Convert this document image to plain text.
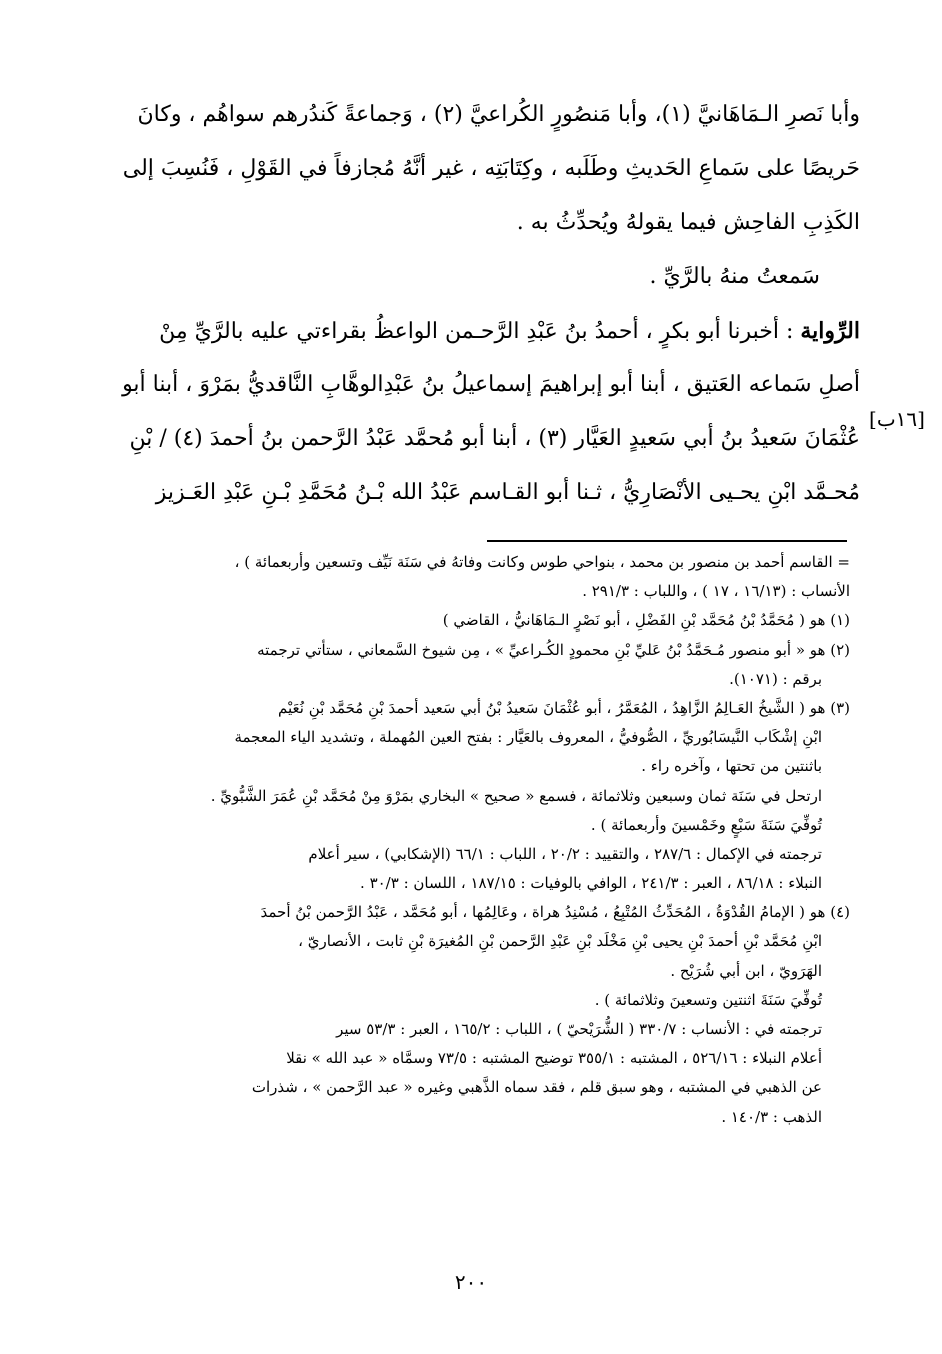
وأبا نَصرِ الـمَاهَانيَّ (١)، وأبا مَنصُورٍ الكُراعيَّ (٢) ، وَجماعةً كَندُرهم سواهُم ، وكانَ
حَريصًا على سَماعِ الحَديثِ وطَلَبه ، وكِتَابَتِه ، غير أنَّهُ مُجازفاً في القَوْلِ ، فَنُسِبَ إلى
الكَذِبِ الفاحِش فيما يقولهُ ويُحدِّثُ به .
سَمعتُ منهُ بالرَّيِّ .
الرِّواية : أخبرنا أبو بكرٍ ، أحمدُ بنُ عَبْدِ الرَّحـمن الواعظُ بقراءتي عليه بالرَّيِّ مِنْ
أصلِ سَماعه العَتيق ، أبنا أبو إبراهيمَ إسماعيلُ بنُ عَبْدِالوهَّابِ النَّاقديُّ بمَرْوَ ، أبنا أبو
عُثْمَانَ سَعيدُ بنُ أبي سَعيدٍ العَيَّار (٣) ، أبنا أبو مُحمَّد عَبْدُ الرَّحمن بنُ أحمدَ (٤) / بْنِ
مُحـمَّد ابْنِ يحـيى الأنْصَارِيُّ ، ثـنا أبو القـاسم عَبْدُ الله بْـنُ مُحَمَّدِ بْـنِ عَبْدِ العَـزيز
[١٦ب]
= القاسم أحمد بن منصور بن محمد ، بنواحي طوس وكانت وفاتهُ في سَنَة نَيِّف وتسعين وأربعمائة ) ،
الأنساب : (١٦/١٣ ، ١٧ ) ، واللباب : ٢٩١/٣ .
(١) هو ( مُحَمَّدُ بْنُ مُحَمَّد بْنِ الفَضْلِ ، أبو نَصْرٍ الـمَاهَانيُّ ، القاضي )
(٢) هو « أبو منصور مُـحَمَّدُ بْنُ عَليِّ بْنِ محمودٍ الكُـراعيِّ » ، مِن شيوخ السَّمعاني ، ستأتي ترجمته
برقم : (١٠٧١).
(٣) هو ( الشَّيخُ العَـالِمُ الزَّاهِدُ ، المُعَمَّرُ ، أبو عُثْمَانَ سَعيدُ بْنُ أبي سَعيد أحمدَ بْنِ مُحَمَّد بْنِ نُعَيْم
ابْنِ إشْكَاب النَّيسَابُوريِّ ، الصُّوفيُّ ، المعروف بالعَيَّار : بفتح العين المُهملة ، وتشديد الياء المعجمة
باثنتين من تحتها ، وآخره راء .
ارتحل في سَنَة ثمان وسبعين وثلاثمائة ، فسمع « صحيح » البخاري بمَرْوَ مِنْ مُحَمَّد بْنِ عُمَرَ الشَّبُّويِّ .
تُوفِّيَ سَنَةَ سَبْعٍ وخَمْسينَ وأربعمائة ) .
ترجمته في الإكمال : ٢٨٧/٦ ، والتقييد : ٢٠/٢ ، اللباب : ٦٦/١ (الإشكابي) ، سير أعلام
النبلاء : ٨٦/١٨ ، العبر : ٢٤١/٣ ، الوافي بالوفيات : ١٨٧/١٥ ، اللسان : ٣٠/٣ .
(٤) هو ( الإمامُ القُدْوَةُ ، المُحَدِّثُ المُتْبِعُ ، مُسْنِدُ هراة ، وعَالِمُها ، أبو مُحَمَّد ، عَبْدُ الرَّحمن بْنُ أحمدَ
ابْنِ مُحَمَّد بْنِ أحمدَ بْنِ يحيى بْنِ مَخْلَد بْنِ عَبْدِ الرَّحمن بْنِ المُغيرَة بْنِ ثابت ، الأنصاريّ ،
الهَرَويّ ، ابن أبي شُرَيْح .
تُوفِّيَ سَنَةَ اثنتين وتسعينَ وثلاثمائة ) .
ترجمته في : الأنساب : ٣٣٠/٧ ( الشُّرَيْحيّ ) ، اللباب : ١٦٥/٢ ، العبر : ٥٣/٣ سير
أعلام النبلاء : ٥٢٦/١٦ ، المشتبه : ٣٥٥/١ توضيح المشتبه : ٧٣/٥ وسمَّاه « عبد الله » نقلا
عن الذهبي في المشتبه ، وهو سبق قلم ، فقد سماه الذَّهبي وغيره « عبد الرَّحمن » ، شذرات
الذهب : ١٤٠/٣ .
٢٠٠
